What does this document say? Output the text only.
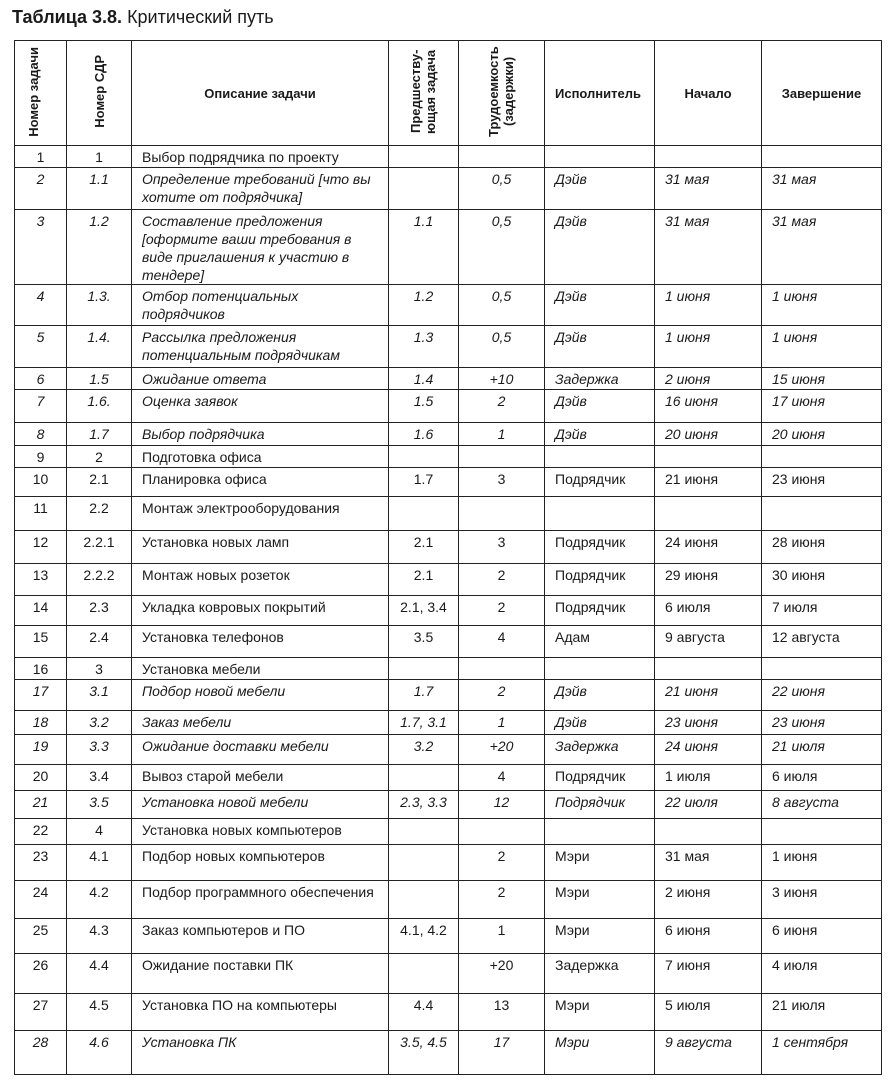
Таблица 3.8. Критический путь
Номер задачи	Номер СДР	Описание задачи	Предшеству-ющая задача	Трудоемкость (задержки)	Исполнитель	Начало	Завершение
1	1	Выбор подрядчика по проекту					
2	1.1	Определение требований [что вы хотите от подрядчика]		0,5	Дэйв	31 мая	31 мая
3	1.2	Составление предложения [оформите ваши требования в виде приглашения к участию в тендере]	1.1	0,5	Дэйв	31 мая	31 мая
4	1.3.	Отбор потенциальных подрядчиков	1.2	0,5	Дэйв	1 июня	1 июня
5	1.4.	Рассылка предложения потенциальным подрядчикам	1.3	0,5	Дэйв	1 июня	1 июня
6	1.5	Ожидание ответа	1.4	+10	Задержка	2 июня	15 июня
7	1.6.	Оценка заявок	1.5	2	Дэйв	16 июня	17 июня
8	1.7	Выбор подрядчика	1.6	1	Дэйв	20 июня	20 июня
9	2	Подготовка офиса					
10	2.1	Планировка офиса	1.7	3	Подрядчик	21 июня	23 июня
11	2.2	Монтаж электрооборудования					
12	2.2.1	Установка новых ламп	2.1	3	Подрядчик	24 июня	28 июня
13	2.2.2	Монтаж новых розеток	2.1	2	Подрядчик	29 июня	30 июня
14	2.3	Укладка ковровых покрытий	2.1, 3.4	2	Подрядчик	6 июля	7 июля
15	2.4	Установка телефонов	3.5	4	Адам	9 августа	12 августа
16	3	Установка мебели					
17	3.1	Подбор новой мебели	1.7	2	Дэйв	21 июня	22 июня
18	3.2	Заказ мебели	1.7, 3.1	1	Дэйв	23 июня	23 июня
19	3.3	Ожидание доставки мебели	3.2	+20	Задержка	24 июня	21 июля
20	3.4	Вывоз старой мебели		4	Подрядчик	1 июля	6 июля
21	3.5	Установка новой мебели	2.3, 3.3	12	Подрядчик	22 июля	8 августа
22	4	Установка новых компьютеров					
23	4.1	Подбор новых компьютеров		2	Мэри	31 мая	1 июня
24	4.2	Подбор программного обеспечения		2	Мэри	2 июня	3 июня
25	4.3	Заказ компьютеров и ПО	4.1, 4.2	1	Мэри	6 июня	6 июня
26	4.4	Ожидание поставки ПК		+20	Задержка	7 июня	4 июля
27	4.5	Установка ПО на компьютеры	4.4	13	Мэри	5 июля	21 июля
28	4.6	Установка ПК	3.5, 4.5	17	Мэри	9 августа	1 сентября
